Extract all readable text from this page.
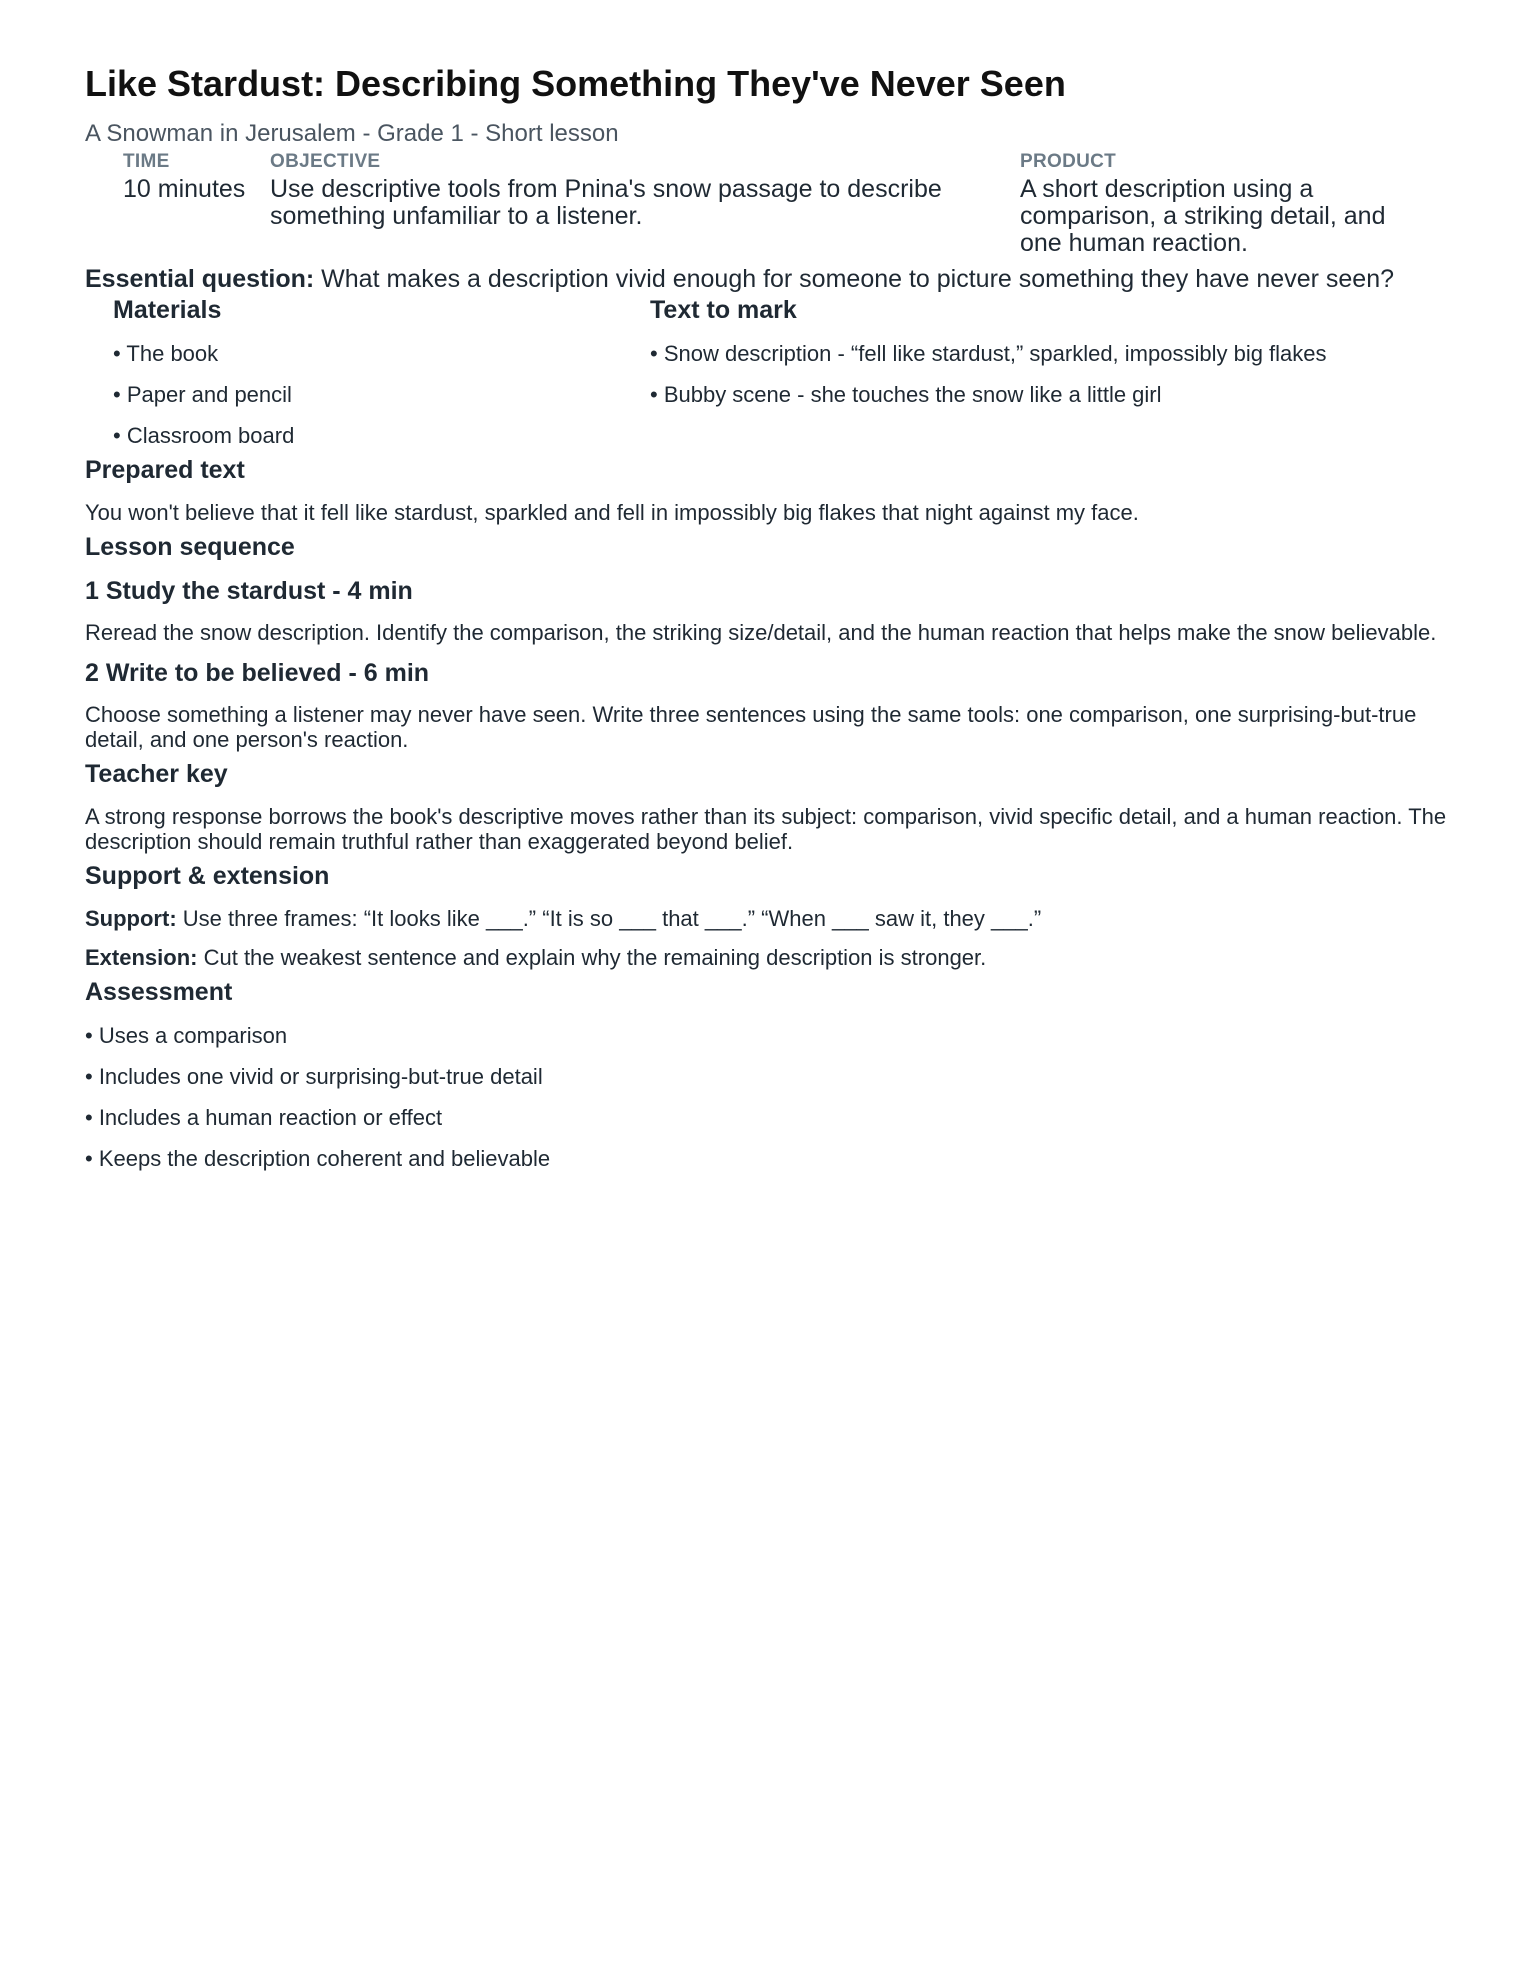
Like Stardust: Describing Something They've Never Seen
A Snowman in Jerusalem - Grade 1 - Short lesson
TIME
10 minutes
OBJECTIVE
Use descriptive tools from Pnina's snow passage to describe something unfamiliar to a listener.
PRODUCT
A short description using a comparison, a striking detail, and one human reaction.
Essential question: What makes a description vivid enough for someone to picture something they have never seen?
Materials
• The book
• Paper and pencil
• Classroom board
Text to mark
• Snow description - “fell like stardust,” sparkled, impossibly big flakes
• Bubby scene - she touches the snow like a little girl
Prepared text
You won't believe that it fell like stardust, sparkled and fell in impossibly big flakes that night against my face.
Lesson sequence
1 Study the stardust - 4 min
Reread the snow description. Identify the comparison, the striking size/detail, and the human reaction that helps make the snow believable.
2 Write to be believed - 6 min
Choose something a listener may never have seen. Write three sentences using the same tools: one comparison, one surprising-but-true detail, and one person's reaction.
Teacher key
A strong response borrows the book's descriptive moves rather than its subject: comparison, vivid specific detail, and a human reaction. The description should remain truthful rather than exaggerated beyond belief.
Support & extension
Support: Use three frames: “It looks like ___.” “It is so ___ that ___.” “When ___ saw it, they ___.”
Extension: Cut the weakest sentence and explain why the remaining description is stronger.
Assessment
• Uses a comparison
• Includes one vivid or surprising-but-true detail
• Includes a human reaction or effect
• Keeps the description coherent and believable
